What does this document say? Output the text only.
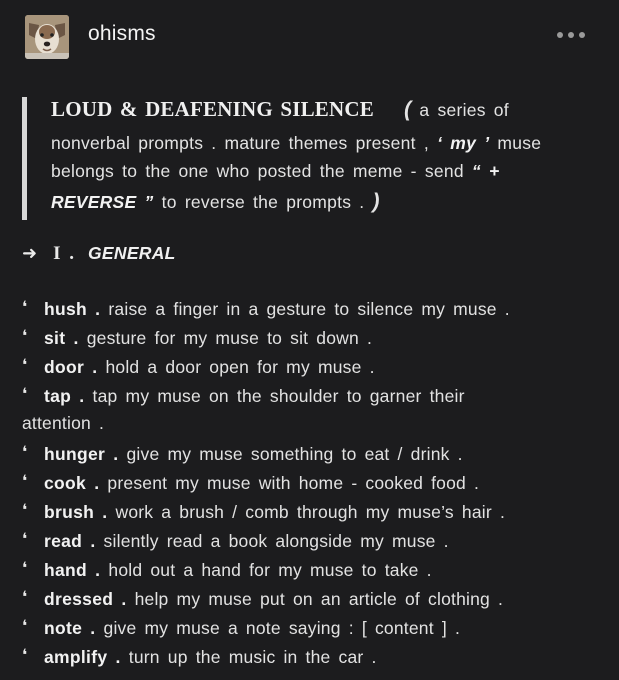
ohisms
LOUD & DEAFENING SILENCE ( a series of
nonverbal prompts . mature themes present , ‘ my ’ muse
belongs to the one who posted the meme - send “ +
REVERSE ” to reverse the prompts . )
➜ I . GENERAL
❛ hush . raise a finger in a gesture to silence my muse .
❛ sit . gesture for my muse to sit down .
❛ door . hold a door open for my muse .
❛ tap . tap my muse on the shoulder to garner their
attention .
❛ hunger . give my muse something to eat / drink .
❛ cook . present my muse with home - cooked food .
❛ brush . work a brush / comb through my muse’s hair .
❛ read . silently read a book alongside my muse .
❛ hand . hold out a hand for my muse to take .
❛ dressed . help my muse put on an article of clothing .
❛ note . give my muse a note saying : [ content ] .
❛ amplify . turn up the music in the car .
